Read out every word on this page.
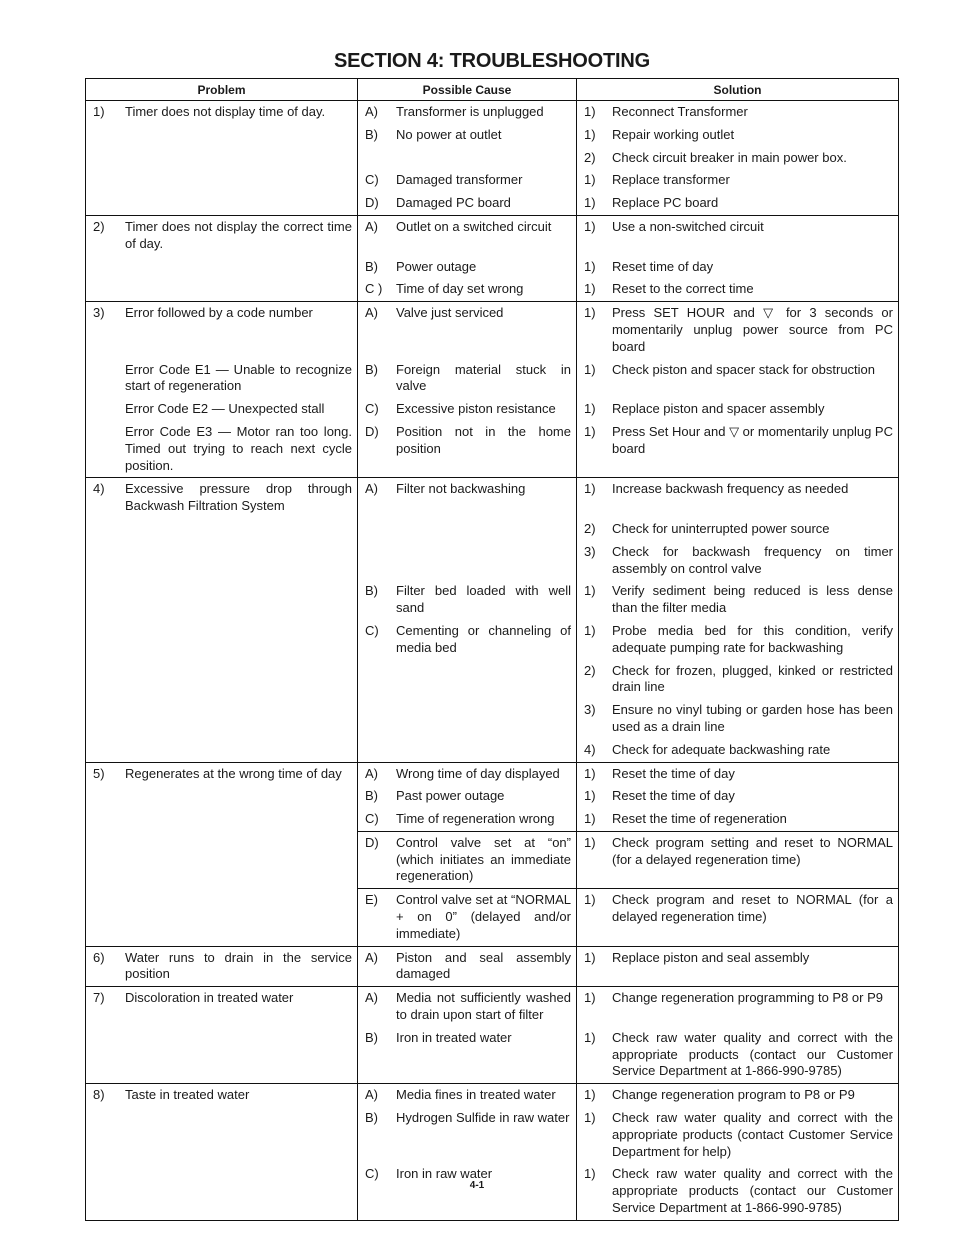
SECTION 4: TROUBLESHOOTING
Problem	Possible Cause	Solution

1) Timer does not display time of day.	A) Transformer is unplugged	1) Reconnect Transformer

	B) No power at outlet	1) Repair working outlet

		2) Check circuit breaker in main power box.

	C) Damaged transformer	1) Replace transformer

	D) Damaged PC board	1) Replace PC board

2) Timer does not display the correct time of day.	A) Outlet on a switched circuit	1) Use a non-switched circuit

	B) Power outage	1) Reset time of day

	C ) Time of day set wrong	1) Reset to the correct time

3) Error followed by a code number	A) Valve just serviced	1) Press SET HOUR and ▽ for 3 seconds or momentarily unplug power source from PC board

Error Code E1 — Unable to recognize start of regeneration	B) Foreign material stuck in valve	1) Check piston and spacer stack for obstruction

Error Code E2 — Unexpected stall	C) Excessive piston resistance	1) Replace piston and spacer assembly

Error Code E3 — Motor ran too long. Timed out trying to reach next cycle position.	D) Position not in the home position	1) Press Set Hour and ▽ or momentarily unplug PC board

4) Excessive pressure drop through Backwash Filtration System	A) Filter not backwashing	1) Increase backwash frequency as needed

		2) Check for uninterrupted power source

		3) Check for backwash frequency on timer assembly on control valve

	B) Filter bed loaded with well sand	1) Verify sediment being reduced is less dense than the filter media

	C) Cementing or channeling of media bed	1) Probe media bed for this condition, verify adequate pumping rate for backwashing

		2) Check for frozen, plugged, kinked or restricted drain line

		3) Ensure no vinyl tubing or garden hose has been used as a drain line

		4) Check for adequate backwashing rate

5) Regenerates at the wrong time of day	A) Wrong time of day displayed	1) Reset the time of day

	B) Past power outage	1) Reset the time of day

	C) Time of regeneration wrong	1) Reset the time of regeneration

	D) Control valve set at “on” (which initiates an immediate regeneration)	1) Check program setting and reset to NORMAL (for a delayed regeneration time)

	E) Control valve set at “NORMAL + on 0” (delayed and/or immediate)	1) Check program and reset to NORMAL (for a delayed regeneration time)

6) Water runs to drain in the service position	A) Piston and seal assembly damaged	1) Replace piston and seal assembly

7) Discoloration in treated water	A) Media not sufficiently washed to drain upon start of filter	1) Change regeneration programming to P8 or P9

	B) Iron in treated water	1) Check raw water quality and correct with the appropriate products (contact our Customer Service Department at 1-866-990-9785)

8) Taste in treated water	A) Media fines in treated water	1) Change regeneration program to P8 or P9

	B) Hydrogen Sulfide in raw water	1) Check raw water quality and correct with the appropriate products (contact Customer Service Department for help)

	C) Iron in raw water	1) Check raw water quality and correct with the appropriate products (contact our Customer Service Department at 1-866-990-9785)
4-1
